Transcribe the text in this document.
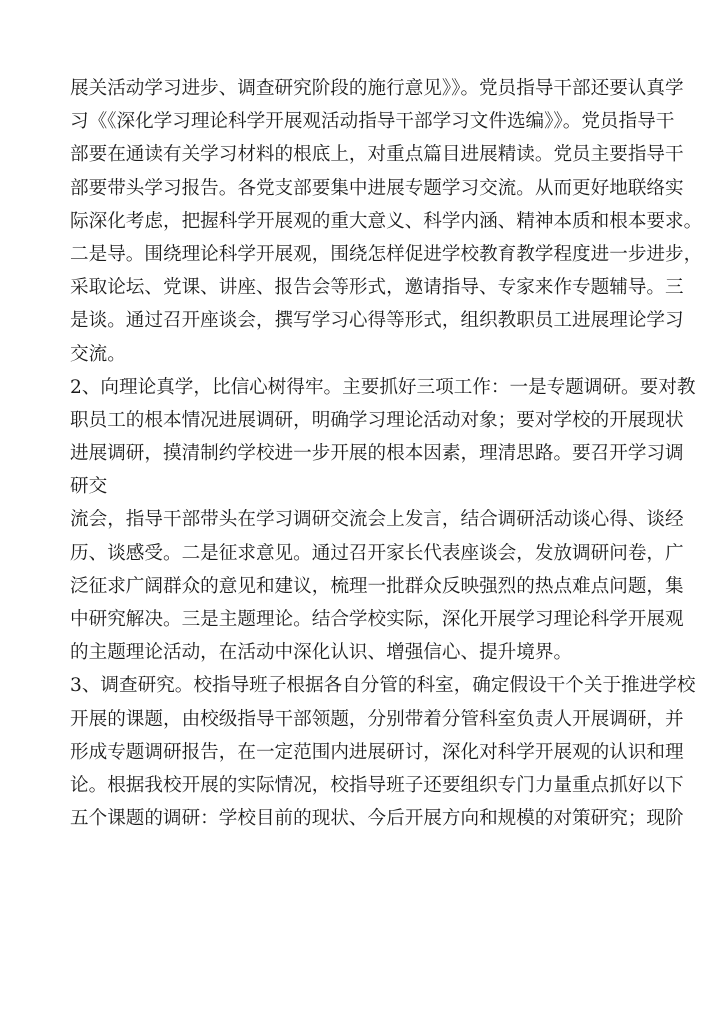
展关活动学习进步、调查研究阶段的施行意见》》。党员指导干部还要认真学
习《《深化学习理论科学开展观活动指导干部学习文件选编》》。党员指导干
部要在通读有关学习材料的根底上，对重点篇目进展精读。党员主要指导干
部要带头学习报告。各党支部要集中进展专题学习交流。从而更好地联络实
际深化考虑，把握科学开展观的重大意义、科学内涵、精神本质和根本要求。
二是导。围绕理论科学开展观，围绕怎样促进学校教育教学程度进一步进步，
采取论坛、党课、讲座、报告会等形式，邀请指导、专家来作专题辅导。三
是谈。通过召开座谈会，撰写学习心得等形式，组织教职员工进展理论学习
交流。
2、向理论真学，比信心树得牢。主要抓好三项工作：一是专题调研。要对教
职员工的根本情况进展调研，明确学习理论活动对象；要对学校的开展现状
进展调研，摸清制约学校进一步开展的根本因素，理清思路。要召开学习调
研交
流会，指导干部带头在学习调研交流会上发言，结合调研活动谈心得、谈经
历、谈感受。二是征求意见。通过召开家长代表座谈会，发放调研问卷，广
泛征求广阔群众的意见和建议，梳理一批群众反映强烈的热点难点问题，集
中研究解决。三是主题理论。结合学校实际，深化开展学习理论科学开展观
的主题理论活动，在活动中深化认识、增强信心、提升境界。
3、调查研究。校指导班子根据各自分管的科室，确定假设干个关于推进学校
开展的课题，由校级指导干部领题，分别带着分管科室负责人开展调研，并
形成专题调研报告，在一定范围内进展研讨，深化对科学开展观的认识和理
论。根据我校开展的实际情况，校指导班子还要组织专门力量重点抓好以下
五个课题的调研：学校目前的现状、今后开展方向和规模的对策研究；现阶
